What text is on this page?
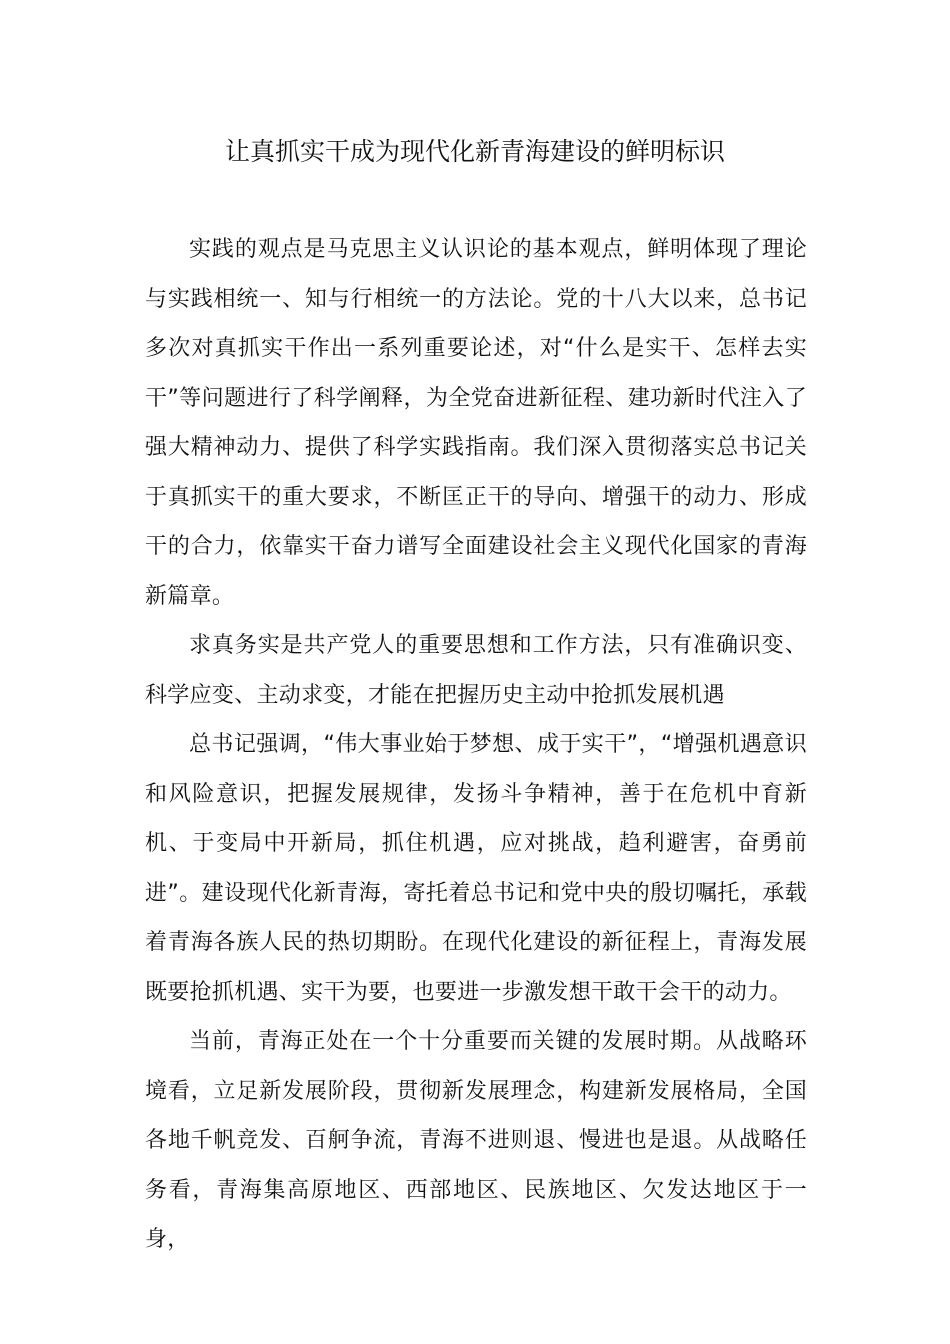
让真抓实干成为现代化新青海建设的鲜明标识

实践的观点是马克思主义认识论的基本观点，鲜明体现了理论与实践相统一、知与行相统一的方法论。党的十八大以来，总书记多次对真抓实干作出一系列重要论述，对“什么是实干、怎样去实干”等问题进行了科学阐释，为全党奋进新征程、建功新时代注入了强大精神动力、提供了科学实践指南。我们深入贯彻落实总书记关于真抓实干的重大要求，不断匡正干的导向、增强干的动力、形成干的合力，依靠实干奋力谱写全面建设社会主义现代化国家的青海新篇章。

求真务实是共产党人的重要思想和工作方法，只有准确识变、科学应变、主动求变，才能在把握历史主动中抢抓发展机遇

总书记强调，“伟大事业始于梦想、成于实干”，“增强机遇意识和风险意识，把握发展规律，发扬斗争精神，善于在危机中育新机、于变局中开新局，抓住机遇，应对挑战，趋利避害，奋勇前进”。建设现代化新青海，寄托着总书记和党中央的殷切嘱托，承载着青海各族人民的热切期盼。在现代化建设的新征程上，青海发展既要抢抓机遇、实干为要，也要进一步激发想干敢干会干的动力。

当前，青海正处在一个十分重要而关键的发展时期。从战略环境看，立足新发展阶段，贯彻新发展理念，构建新发展格局，全国各地千帆竞发、百舸争流，青海不进则退、慢进也是退。从战略任务看，青海集高原地区、西部地区、民族地区、欠发达地区于一身，
